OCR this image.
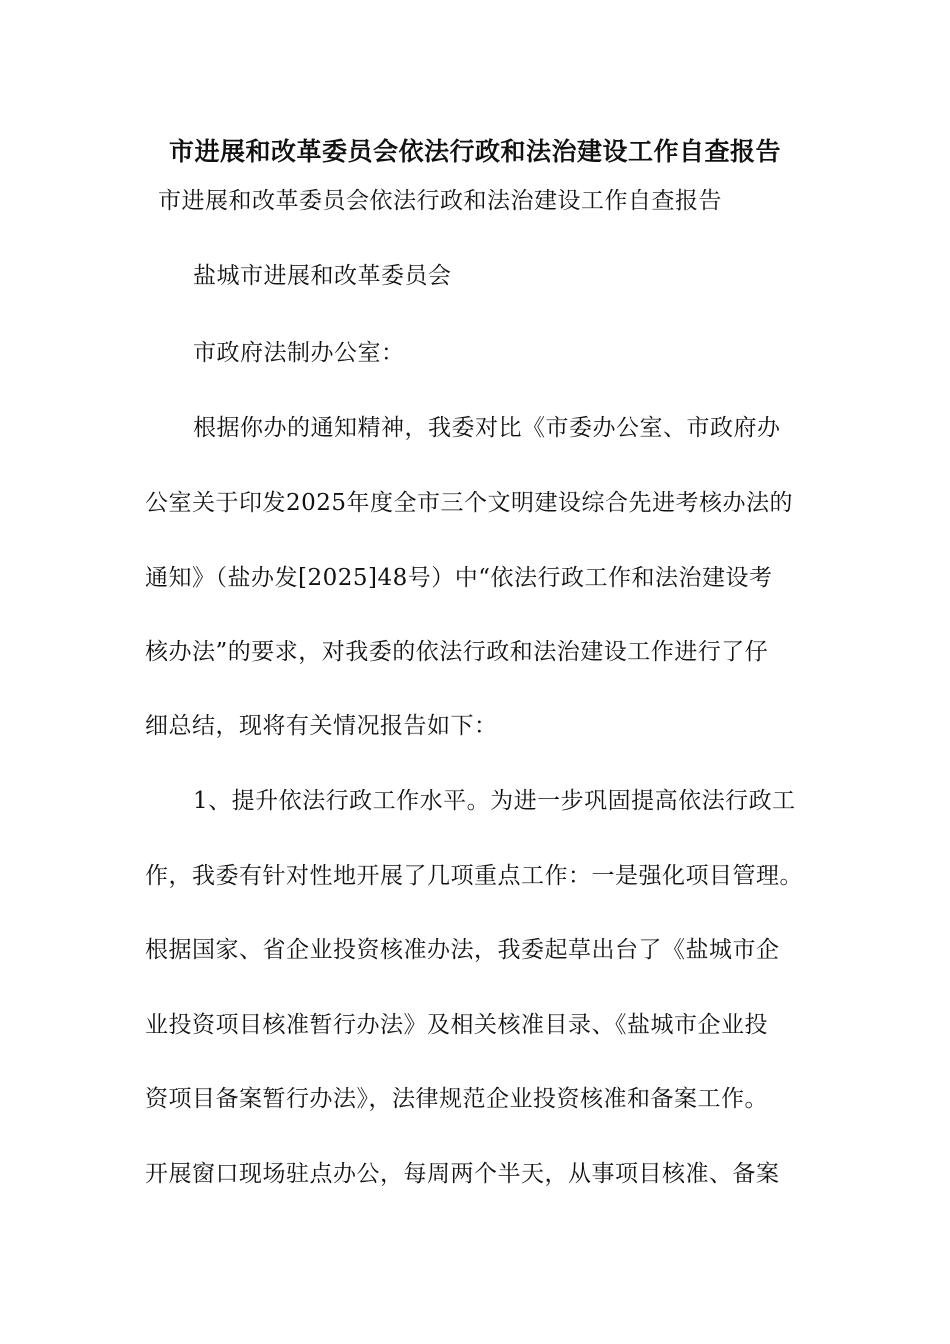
市进展和改革委员会依法行政和法治建设工作自查报告
市进展和改革委员会依法行政和法治建设工作自查报告
盐城市进展和改革委员会
市政府法制办公室：
根据你办的通知精神，我委对比《市委办公室、市政府办
公室关于印发2025年度全市三个文明建设综合先进考核办法的
通知》（盐办发[2025]48号）中“依法行政工作和法治建设考
核办法”的要求，对我委的依法行政和法治建设工作进行了仔
细总结，现将有关情况报告如下：
1、提升依法行政工作水平。为进一步巩固提高依法行政工
作，我委有针对性地开展了几项重点工作：一是强化项目管理。
根据国家、省企业投资核准办法，我委起草出台了《盐城市企
业投资项目核准暂行办法》及相关核准目录、《盐城市企业投
资项目备案暂行办法》，法律规范企业投资核准和备案工作。
开展窗口现场驻点办公，每周两个半天，从事项目核准、备案
